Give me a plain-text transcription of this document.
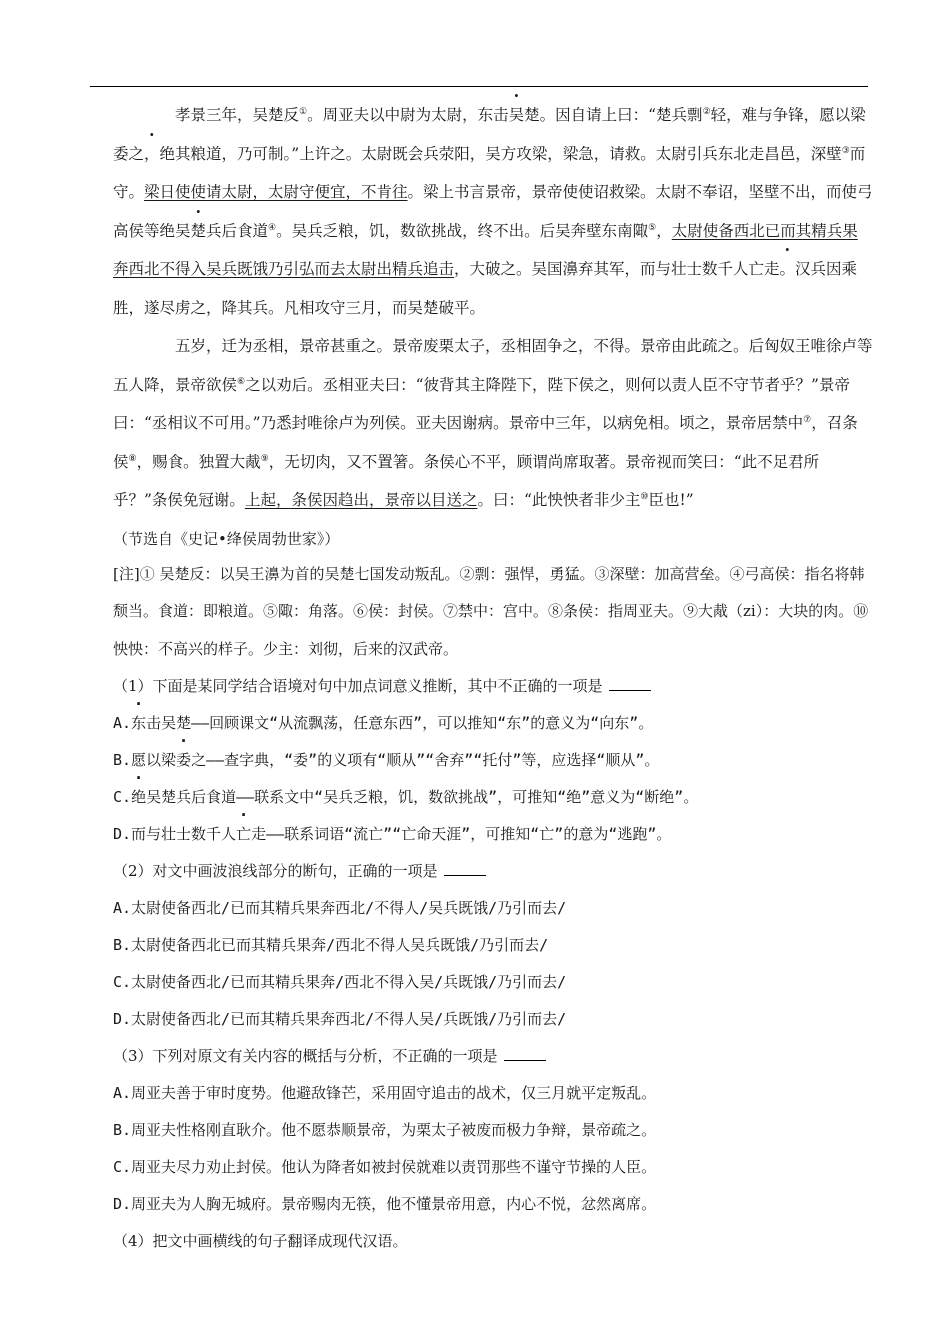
孝景三年，吴楚反①。周亚夫以中尉为太尉，东击吴楚。因自请上曰：“楚兵剽②轻，难与争锋，愿以梁委之，绝其粮道，乃可制。”上许之。太尉既会兵荥阳，吴方攻梁，梁急，请救。太尉引兵东北走昌邑，深壁③而守。梁日使使请太尉，太尉守便宜，不肯往。梁上书言景帝，景帝使使诏救梁。太尉不奉诏，坚壁不出，而使弓高侯等绝吴楚兵后食道④。吴兵乏粮，饥，数欲挑战，终不出。后吴奔壁东南陬⑤，太尉使备西北已而其精兵果奔西北不得入吴兵既饿乃引弘而去太尉出精兵追击，大破之。吴国濞弃其军，而与壮士数千人亡走。汉兵因乘胜，遂尽虏之，降其兵。凡相攻守三月，而吴楚破平。

五岁，迁为丞相，景帝甚重之。景帝废栗太子，丞相固争之，不得。景帝由此疏之。后匈奴王唯徐卢等五人降，景帝欲侯⑥之以劝后。丞相亚夫曰：“彼背其主降陛下，陛下侯之，则何以责人臣不守节者乎？”景帝曰：“丞相议不可用。”乃悉封唯徐卢为列侯。亚夫因谢病。景帝中三年，以病免相。顷之，景帝居禁中⑦，召条侯⑧，赐食。独置大胾⑨，无切肉，又不置箸。条侯心不平，顾谓尚席取著。景帝视而笑曰：“此不足君所乎？”条侯免冠谢。上起，条侯因趋出，景帝以目送之。曰：“此怏怏者非少主⑩臣也!”

（节选自《史记•绛侯周勃世家》）

[注]① 吴楚反：以吴王濞为首的吴楚七国发动叛乱。②剽：强悍，勇猛。③深壁：加高营垒。④弓高侯：指名将韩颓当。食道：即粮道。⑤陬：角落。⑥侯：封侯。⑦禁中：宫中。⑧条侯：指周亚夫。⑨大胾（zi）：大块的肉。⑩怏怏：不高兴的样子。少主：刘彻，后来的汉武帝。

（1）下面是某同学结合语境对句中加点词意义推断，其中不正确的一项是

A.东击吴楚——回顾课文“从流飘荡，任意东西”，可以推知“东”的意义为“向东”。

B.愿以梁委之——查字典，“委”的义项有“顺从”“舍弃”“托付”等，应选择“顺从”。

C.绝吴楚兵后食道——联系文中“吴兵乏粮，饥，数欲挑战”，可推知“绝”意义为“断绝”。

D.而与壮士数千人亡走——联系词语“流亡”“亡命天涯”，可推知“亡”的意为“逃跑”。

（2）对文中画波浪线部分的断句，正确的一项是

A.太尉使备西北/已而其精兵果奔西北/不得人/吴兵既饿/乃引而去/

B.太尉使备西北已而其精兵果奔/西北不得人吴兵既饿/乃引而去/

C.太尉使备西北/已而其精兵果奔/西北不得入吴/兵既饿/乃引而去/

D.太尉使备西北/已而其精兵果奔西北/不得人吴/兵既饿/乃引而去/

（3）下列对原文有关内容的概括与分析，不正确的一项是

A.周亚夫善于审时度势。他避敌锋芒，采用固守追击的战术，仅三月就平定叛乱。

B.周亚夫性格刚直耿介。他不愿恭顺景帝，为栗太子被废而极力争辩，景帝疏之。

C.周亚夫尽力劝止封侯。他认为降者如被封侯就难以责罚那些不谨守节操的人臣。

D.周亚夫为人胸无城府。景帝赐肉无筷，他不懂景帝用意，内心不悦，忿然离席。

（4）把文中画横线的句子翻译成现代汉语。
